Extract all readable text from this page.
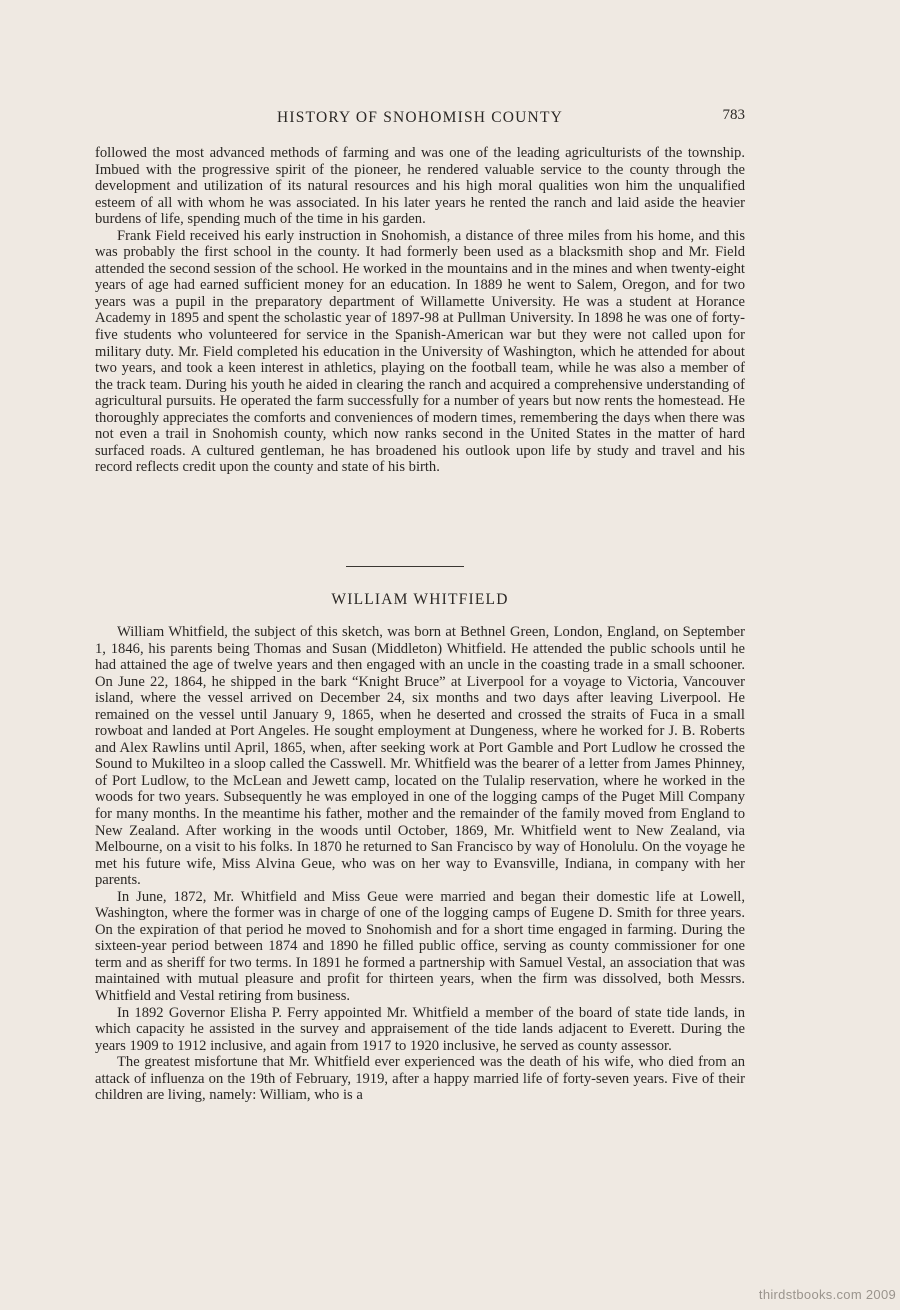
HISTORY OF SNOHOMISH COUNTY	783

followed the most advanced methods of farming and was one of the leading agriculturists of the township. Imbued with the progressive spirit of the pioneer, he rendered valuable service to the county through the development and utilization of its natural resources and his high moral qualities won him the unqualified esteem of all with whom he was associated. In his later years he rented the ranch and laid aside the heavier burdens of life, spending much of the time in his garden.

Frank Field received his early instruction in Snohomish, a distance of three miles from his home, and this was probably the first school in the county. It had formerly been used as a blacksmith shop and Mr. Field attended the second session of the school. He worked in the mountains and in the mines and when twenty-eight years of age had earned sufficient money for an education. In 1889 he went to Salem, Oregon, and for two years was a pupil in the preparatory department of Willamette University. He was a student at Horance Academy in 1895 and spent the scholastic year of 1897-98 at Pullman University. In 1898 he was one of forty-five students who volunteered for service in the Spanish-American war but they were not called upon for military duty. Mr. Field completed his education in the University of Washington, which he attended for about two years, and took a keen interest in athletics, playing on the football team, while he was also a member of the track team. During his youth he aided in clearing the ranch and acquired a comprehensive understanding of agricultural pursuits. He operated the farm successfully for a number of years but now rents the homestead. He thoroughly appreciates the comforts and conveniences of modern times, remembering the days when there was not even a trail in Snohomish county, which now ranks second in the United States in the matter of hard surfaced roads. A cultured gentleman, he has broadened his outlook upon life by study and travel and his record reflects credit upon the county and state of his birth.

WILLIAM WHITFIELD

William Whitfield, the subject of this sketch, was born at Bethnel Green, London, England, on September 1, 1846, his parents being Thomas and Susan (Middleton) Whitfield. He attended the public schools until he had attained the age of twelve years and then engaged with an uncle in the coasting trade in a small schooner. On June 22, 1864, he shipped in the bark “Knight Bruce” at Liverpool for a voyage to Victoria, Vancouver island, where the vessel arrived on December 24, six months and two days after leaving Liverpool. He remained on the vessel until January 9, 1865, when he deserted and crossed the straits of Fuca in a small rowboat and landed at Port Angeles. He sought employment at Dungeness, where he worked for J. B. Roberts and Alex Rawlins until April, 1865, when, after seeking work at Port Gamble and Port Ludlow he crossed the Sound to Mukilteo in a sloop called the Casswell. Mr. Whitfield was the bearer of a letter from James Phinney, of Port Ludlow, to the McLean and Jewett camp, located on the Tulalip reservation, where he worked in the woods for two years. Subsequently he was employed in one of the logging camps of the Puget Mill Company for many months. In the meantime his father, mother and the remainder of the family moved from England to New Zealand. After working in the woods until October, 1869, Mr. Whitfield went to New Zealand, via Melbourne, on a visit to his folks. In 1870 he returned to San Francisco by way of Honolulu. On the voyage he met his future wife, Miss Alvina Geue, who was on her way to Evansville, Indiana, in company with her parents.

In June, 1872, Mr. Whitfield and Miss Geue were married and began their domestic life at Lowell, Washington, where the former was in charge of one of the logging camps of Eugene D. Smith for three years. On the expiration of that period he moved to Snohomish and for a short time engaged in farming. During the sixteen-year period between 1874 and 1890 he filled public office, serving as county commissioner for one term and as sheriff for two terms. In 1891 he formed a partnership with Samuel Vestal, an association that was maintained with mutual pleasure and profit for thirteen years, when the firm was dissolved, both Messrs. Whitfield and Vestal retiring from business.

In 1892 Governor Elisha P. Ferry appointed Mr. Whitfield a member of the board of state tide lands, in which capacity he assisted in the survey and appraisement of the tide lands adjacent to Everett. During the years 1909 to 1912 inclusive, and again from 1917 to 1920 inclusive, he served as county assessor.

The greatest misfortune that Mr. Whitfield ever experienced was the death of his wife, who died from an attack of influenza on the 19th of February, 1919, after a happy married life of forty-seven years. Five of their children are living, namely: William, who is a

thirdstbooks.com 2009
